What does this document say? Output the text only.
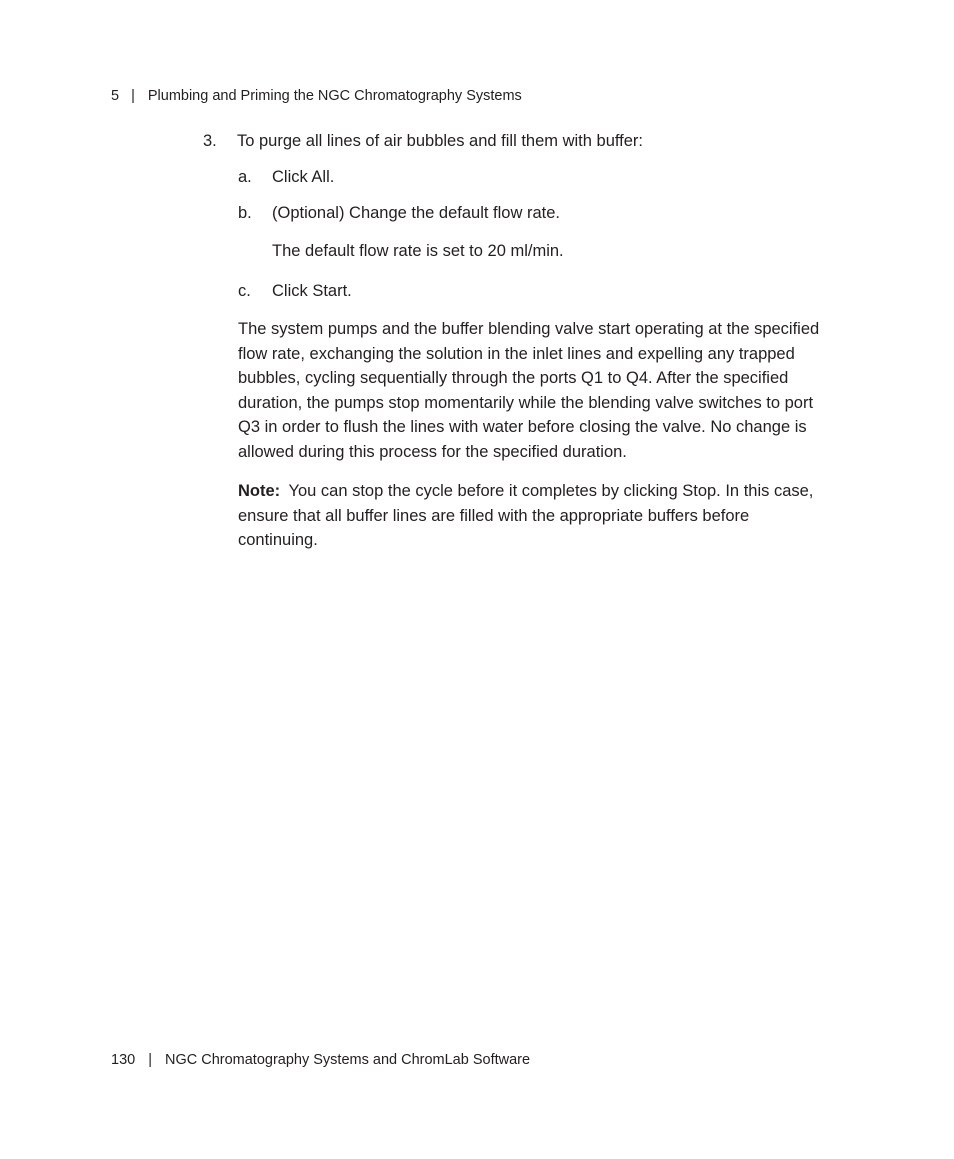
5 | Plumbing and Priming the NGC Chromatography Systems
3. To purge all lines of air bubbles and fill them with buffer:
a. Click All.
b. (Optional) Change the default flow rate.
The default flow rate is set to 20 ml/min.
c. Click Start.

The system pumps and the buffer blending valve start operating at the specified flow rate, exchanging the solution in the inlet lines and expelling any trapped bubbles, cycling sequentially through the ports Q1 to Q4. After the specified duration, the pumps stop momentarily while the blending valve switches to port Q3 in order to flush the lines with water before closing the valve. No change is allowed during this process for the specified duration.

Note: You can stop the cycle before it completes by clicking Stop. In this case, ensure that all buffer lines are filled with the appropriate buffers before continuing.

130 | NGC Chromatography Systems and ChromLab Software
